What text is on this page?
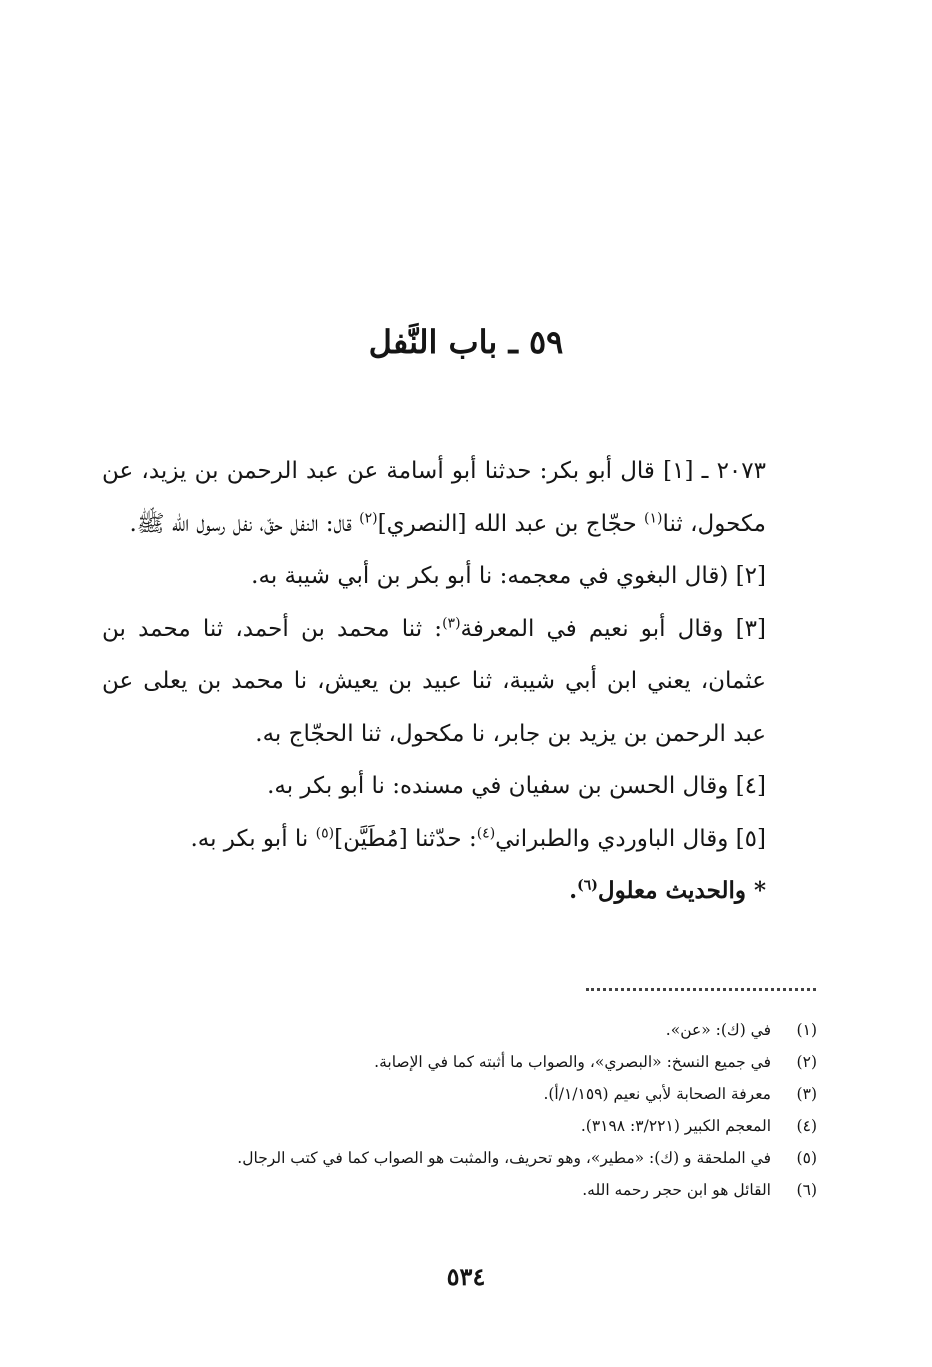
٥٩ ـ باب النَّفل

٢٠٧٣ ـ [١] قال أبو بكر: حدثنا أبو أسامة عن عبد الرحمن بن يزيد، عن مكحول، ثنا$^{(١)}$ حجّاج بن عبد الله [النصري]$^{(٢)}$ قال: النفل حقّ، نفل رسول الله ﷺ.

[٢] (قال البغوي في معجمه: نا أبو بكر بن أبي شيبة به.

[٣] وقال أبو نعيم في المعرفة$^{(٣)}$: ثنا محمد بن أحمد، ثنا محمد بن عثمان، يعني ابن أبي شيبة، ثنا عبيد بن يعيش، نا محمد بن يعلى عن عبد الرحمن بن يزيد بن جابر، نا مكحول، ثنا الحجّاج به.

[٤] وقال الحسن بن سفيان في مسنده: نا أبو بكر به.

[٥] وقال الباوردي والطبراني$^{(٤)}$: حدّثنا [مُطَيَّن]$^{(٥)}$ نا أبو بكر به.

* والحديث معلول$^{(٦)}$.

(١)
في (ك): «عن».
(٢)
في جميع النسخ: «البصري»، والصواب ما أثبته كما في الإصابة.
(٣)
معرفة الصحابة لأبي نعيم (١/١٥٩/أ).
(٤)
المعجم الكبير (٣/٢٢١: ٣١٩٨).
(٥)
في الملحقة و (ك): «مطير»، وهو تحريف، والمثبت هو الصواب كما في كتب الرجال.
(٦)
القائل هو ابن حجر رحمه الله.
٥٣٤
